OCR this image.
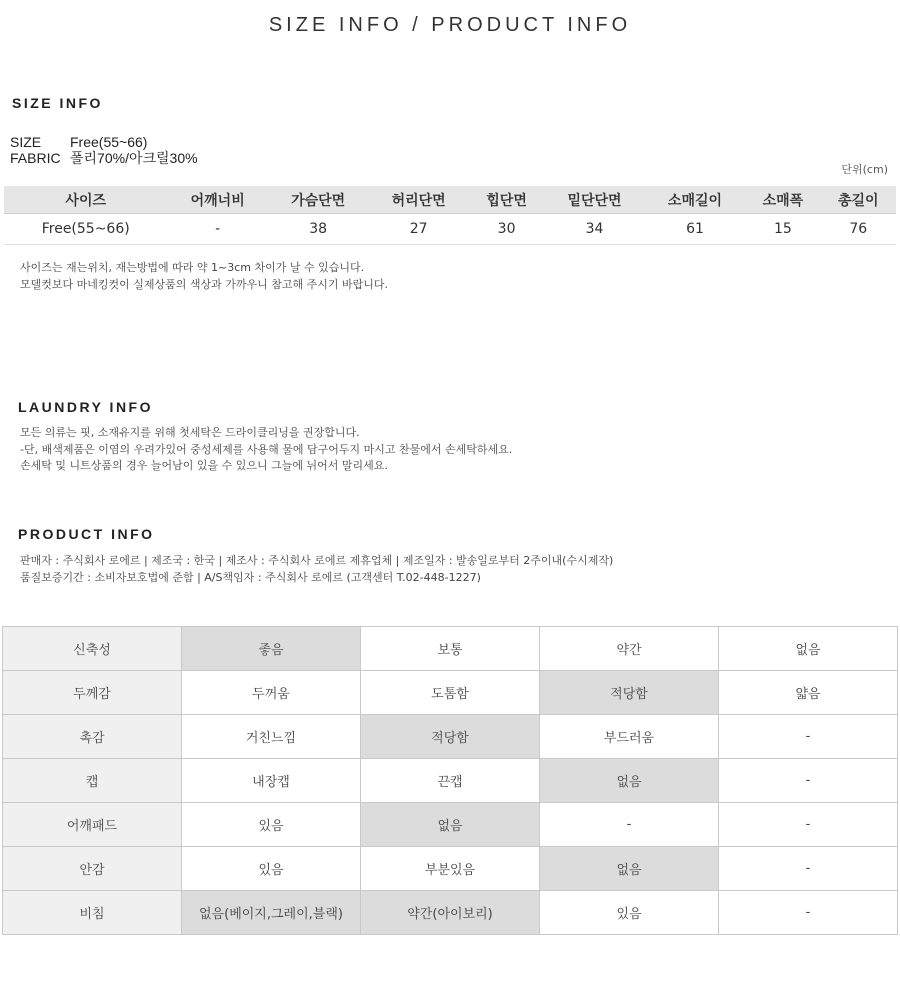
SIZE INFO / PRODUCT INFO
SIZE INFO
SIZE Free(55~66)
FABRIC 폴리70%/아크릴30%
단위(cm)
사이즈	어깨너비	가슴단면	허리단면	힙단면	밑단단면	소매길이	소매폭	총길이
Free(55~66)	-	38	27	30	34	61	15	76
사이즈는 재는위치, 재는방법에 따라 약 1~3cm 차이가 날 수 있습니다.
모델컷보다 마네킹컷이 실제상품의 색상과 가까우니 참고해 주시기 바랍니다.
LAUNDRY INFO
모든 의류는 핏, 소재유지를 위해 첫세탁은 드라이클리닝을 권장합니다.
-단, 배색제품은 이염의 우려가있어 중성세제를 사용해 물에 담구어두지 마시고 찬물에서 손세탁하세요.
손세탁 및 니트상품의 경우 늘어남이 있을 수 있으니 그늘에 뉘어서 말리세요.
PRODUCT INFO
판매자 : 주식회사 로에르 | 제조국 : 한국 | 제조사 : 주식회사 로에르 제휴업체 | 제조일자 : 발송일로부터 2주이내(수시제작)
품질보증기간 : 소비자보호법에 준함 | A/S책임자 : 주식회사 로에르 (고객센터 T.02-448-1227)
신축성	좋음	보통	약간	없음
두께감	두꺼움	도톰함	적당함	얇음
촉감	거친느낌	적당함	부드러움	-
캡	내장캡	끈캡	없음	-
어깨패드	있음	없음	-	-
안감	있음	부분있음	없음	-
비침	없음(베이지,그레이,블랙)	약간(아이보리)	있음	-
